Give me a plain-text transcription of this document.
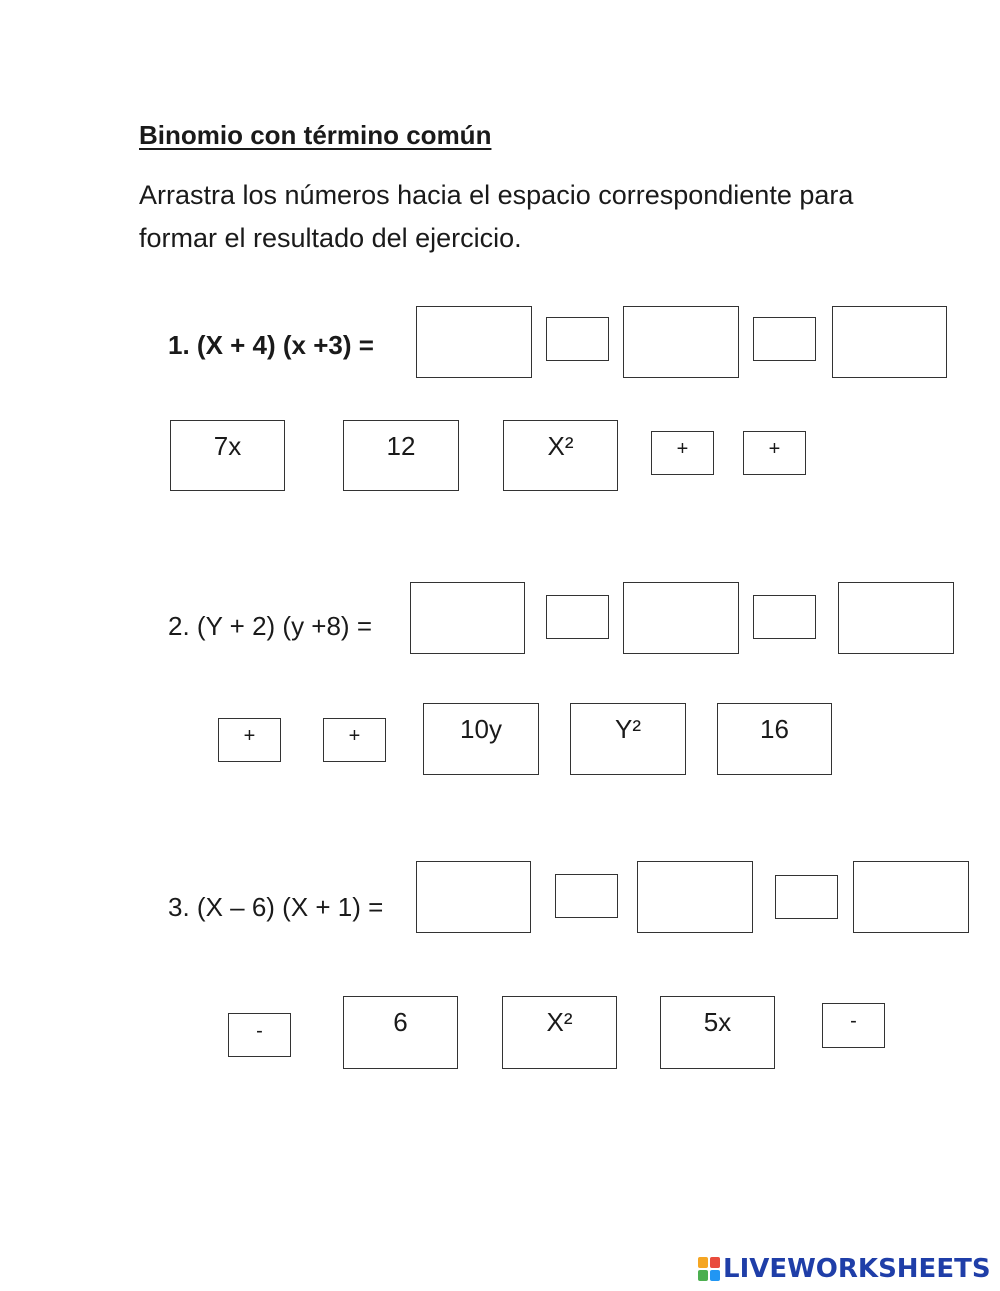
Binomio con término común
Arrastra los números hacia el espacio correspondiente para formar el resultado del ejercicio.
1. (X + 4) (x +3) =
7x	12	X²	+	+
2. (Y + 2) (y +8) =
+	+	10y	Y²	16
3. (X – 6) (X + 1) =
-	6	X²	5x	-
LIVEWORKSHEETS
